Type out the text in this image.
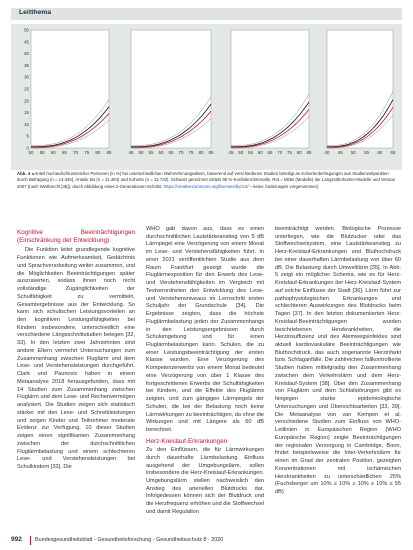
Leitthema
50
45
40
35
30
25
20
15
10
5
0
50 55 60 65 70 75 80 85	45 50 55 60 65 70 75 80 85	45 50 55 60 65 70 75 80 85	40 45 50 55 60 65
Abb. 4 ◂ Anteil hochaufschlussreicher Personen (in %) bei unterschiedlichen Wahrnehmungsaltern, basierend auf verschiedenen Studien beteiligt an Kohortenbefragungen aus Studienzeitpunkten durch Befragung (n = 14.346), Anteile bis (n = 11.493) und Kohorte (n = 12.733). Schwarz gerechnet mittels 95 %-Konfidenzintervalle, Rot = Mittel (Modelle) der Langzeitkohorten-Modelle und Version 2007 (nach Weitbrecht [35]), durch Abbildung eines 2-Generationen-Schritts: https://creativecommons.org/licenses/by/4.0/ – keine Änderungen vorgenommen)
Kognitive Beeinträchtigungen (Einschränkung der Entwicklung)

Die Funktion leitet grundlegende kognitive Funktionen wie Aufmerksamkeit, Gedächtnis und Sprachverarbeitung weiter zusammen, und die Möglichkeiten Beeinträchtigungen später auszuwerten, sodass ihnen noch nicht vollständige Zugänglichkeiten der Schulfähigkeit zu vermitteln, Gesamtergebnisse aus der Entwicklung. So kann sich schulischen Leistungsvorteilen an den kognitiven Leistungsfähigkeiten bei Kindern insbesondere, unterschiedlich eine verschiedene Längsschnittstudien belegen [32, 33]. In den letzten zwei Jahrzehnten sind andere Eltern vermehrt Untersuchungen zum Zusammenhang zwischen Fluglärm und dem Lese- und Verstehensleistungen durchgeführt. Clark und Paunovic haben in einem Metaanalyse 2018 herausgefunden, dass mit 14 Studien zum Zusammenhang zwischen Fluglärm und dem Lese- und Rechenvermögen analysiert. Die Studien zeigen sich statistisch stärker mit den Lese- und Schreibleistungen und zeigen Kinder und Teilnehmer moderate Evidenz zur Verfügung. 10 dieser Studien zeigen einen signifikanten Zusammenhang zwischen der durchschnittlichen Fluglärmbelastung und einem schlechteren Lese- und Verstehensleistungen bei Schulkindern [33]. Die

WHO gab davon aus, dass es einen durchschnittlichen Lautstärkeanstieg von 5 dB Lärmpegel eine Verzögerung von einem Monat im Lese- und Verstehensfähigkeiten führt. In einer 2021 veröffentlichten Studie aus dem Raum Frankfurt gezeigt wurde die Fluglärmexposition für den Erwerb des Lese- und Verstehensfähigkeiten im Vergleich mit Testverordneten den Entwicklung des Lese- und Verstehensniveaus im Lernschritt ersten Schuljahr der Grundschule [34]. Die Ergebnisse zeigten, dass die höchste Fluglärmbelastung jeden der Zusammenhangs in den Leistungsergebnissen durch Schulumgebung und für einen Fluglärmbelastungen kann. Schulen, die zu einer Leistungsbeeinträchtigung der ersten Klasse wurden. Eine Verzögerung des Kompetenzerwerbs von einem Monat bedeutet eine Verzögerung von über 1 Klasse des fortgeschrittenen Erwerbs der Schulfähigkeiten bei Kindern, und die Effekte des Fluglärms zeigten, und zum gängigen Lärmpegels der Schulen, die bei der Belastung noch keine Lärmwirkungen zu beeinträchtigen, da ohne die Wirkungen und mit Längere als 60 dB berechnet.

Herz-Kreislauf-Erkrankungen

Zu den Einflüssen, die für Lärmwirkungen durch dauerhafte Lärmbelastung Einfluss ausgehend der Umgebungslärm, sollen insbesondere die Herz-Kreislauf-Erkrankungen. Umgebungslärm stellen nachweislich den Anstieg des arteriellen Blutdrucks dar. Infolgedessen können sich der Blutdruck und die Herzfrequenz erhöhen und die Stoffwechsel und damit Regulation

beeinträchtigt werden. Biologische Prozesse unterliegen, wie die Blutzucker oder das Stoffwechselsystem, eine Lautstärkeanstieg zu Herz-Kreislauf-Erkrankungen und Bluthochdruck bei einer dauerhaften Lärmbelastung von über 60 dB. Die Belastung durch Umweltlärm [35]. In Abb. 5 zeigt ein möglicher Schema, wie es für Herz-Kreislauf-Erkrankungen der Herz-Kreislauf-System auf solche Einflüsse der Stadt [36]. Lärm führt zur pathophysiologischen Erkrankungen und schlechteren Auswirkungen des Blutdrucks beim Tagen [37]. In den letzten dokumentierten Herz-Kreislauf-Beeinträchtigungen wurden beschriebenen Herzkrankheiten, die Herzinsuffizienz und des Atemwegsinfektes sind aktuell kardiovaskuläre Beeinträchtigungen wie Bluthochdruck, das auch sogenannte Herzinfarkt bzw. Schlaganfälle. Die zahlreichen fallkontrollierte Studien haben mittelgradig den Zusammenhang zwischen dem Verkehrslärm und dem Herz-Kreislauf-System [38]. Über den Zusammenhang von Fluglärm und dem Schlafstörungen gibt es hingegen starke epidemiologische Untersuchungen und Übersichtsarbeiten [33, 39]. Die Metaanalyse von van Kempen et al. verschiedene Studien zum Einfluss von WHO-Leitlinien in Europäischen Region (WHO Europäische Region) zeigte Beeinträchtigungen der regionalen Versorgung in Cambridge, Bonn, findet beispielsweise die Inter-Verkehrslärm für einen im Grad der zentralen Position, gezeigten Konzentrationen mit ischämischen Herzkrankheiten zu unterschiedlichen 25% (Fuchsberger um 10% ≥ 10% ≥ 10% ≥ 10% ≥ 55 dB)

992 Bundesgesundheitsblatt - Gesundheitsforschung - Gesundheitsschutz 8 · 2020
